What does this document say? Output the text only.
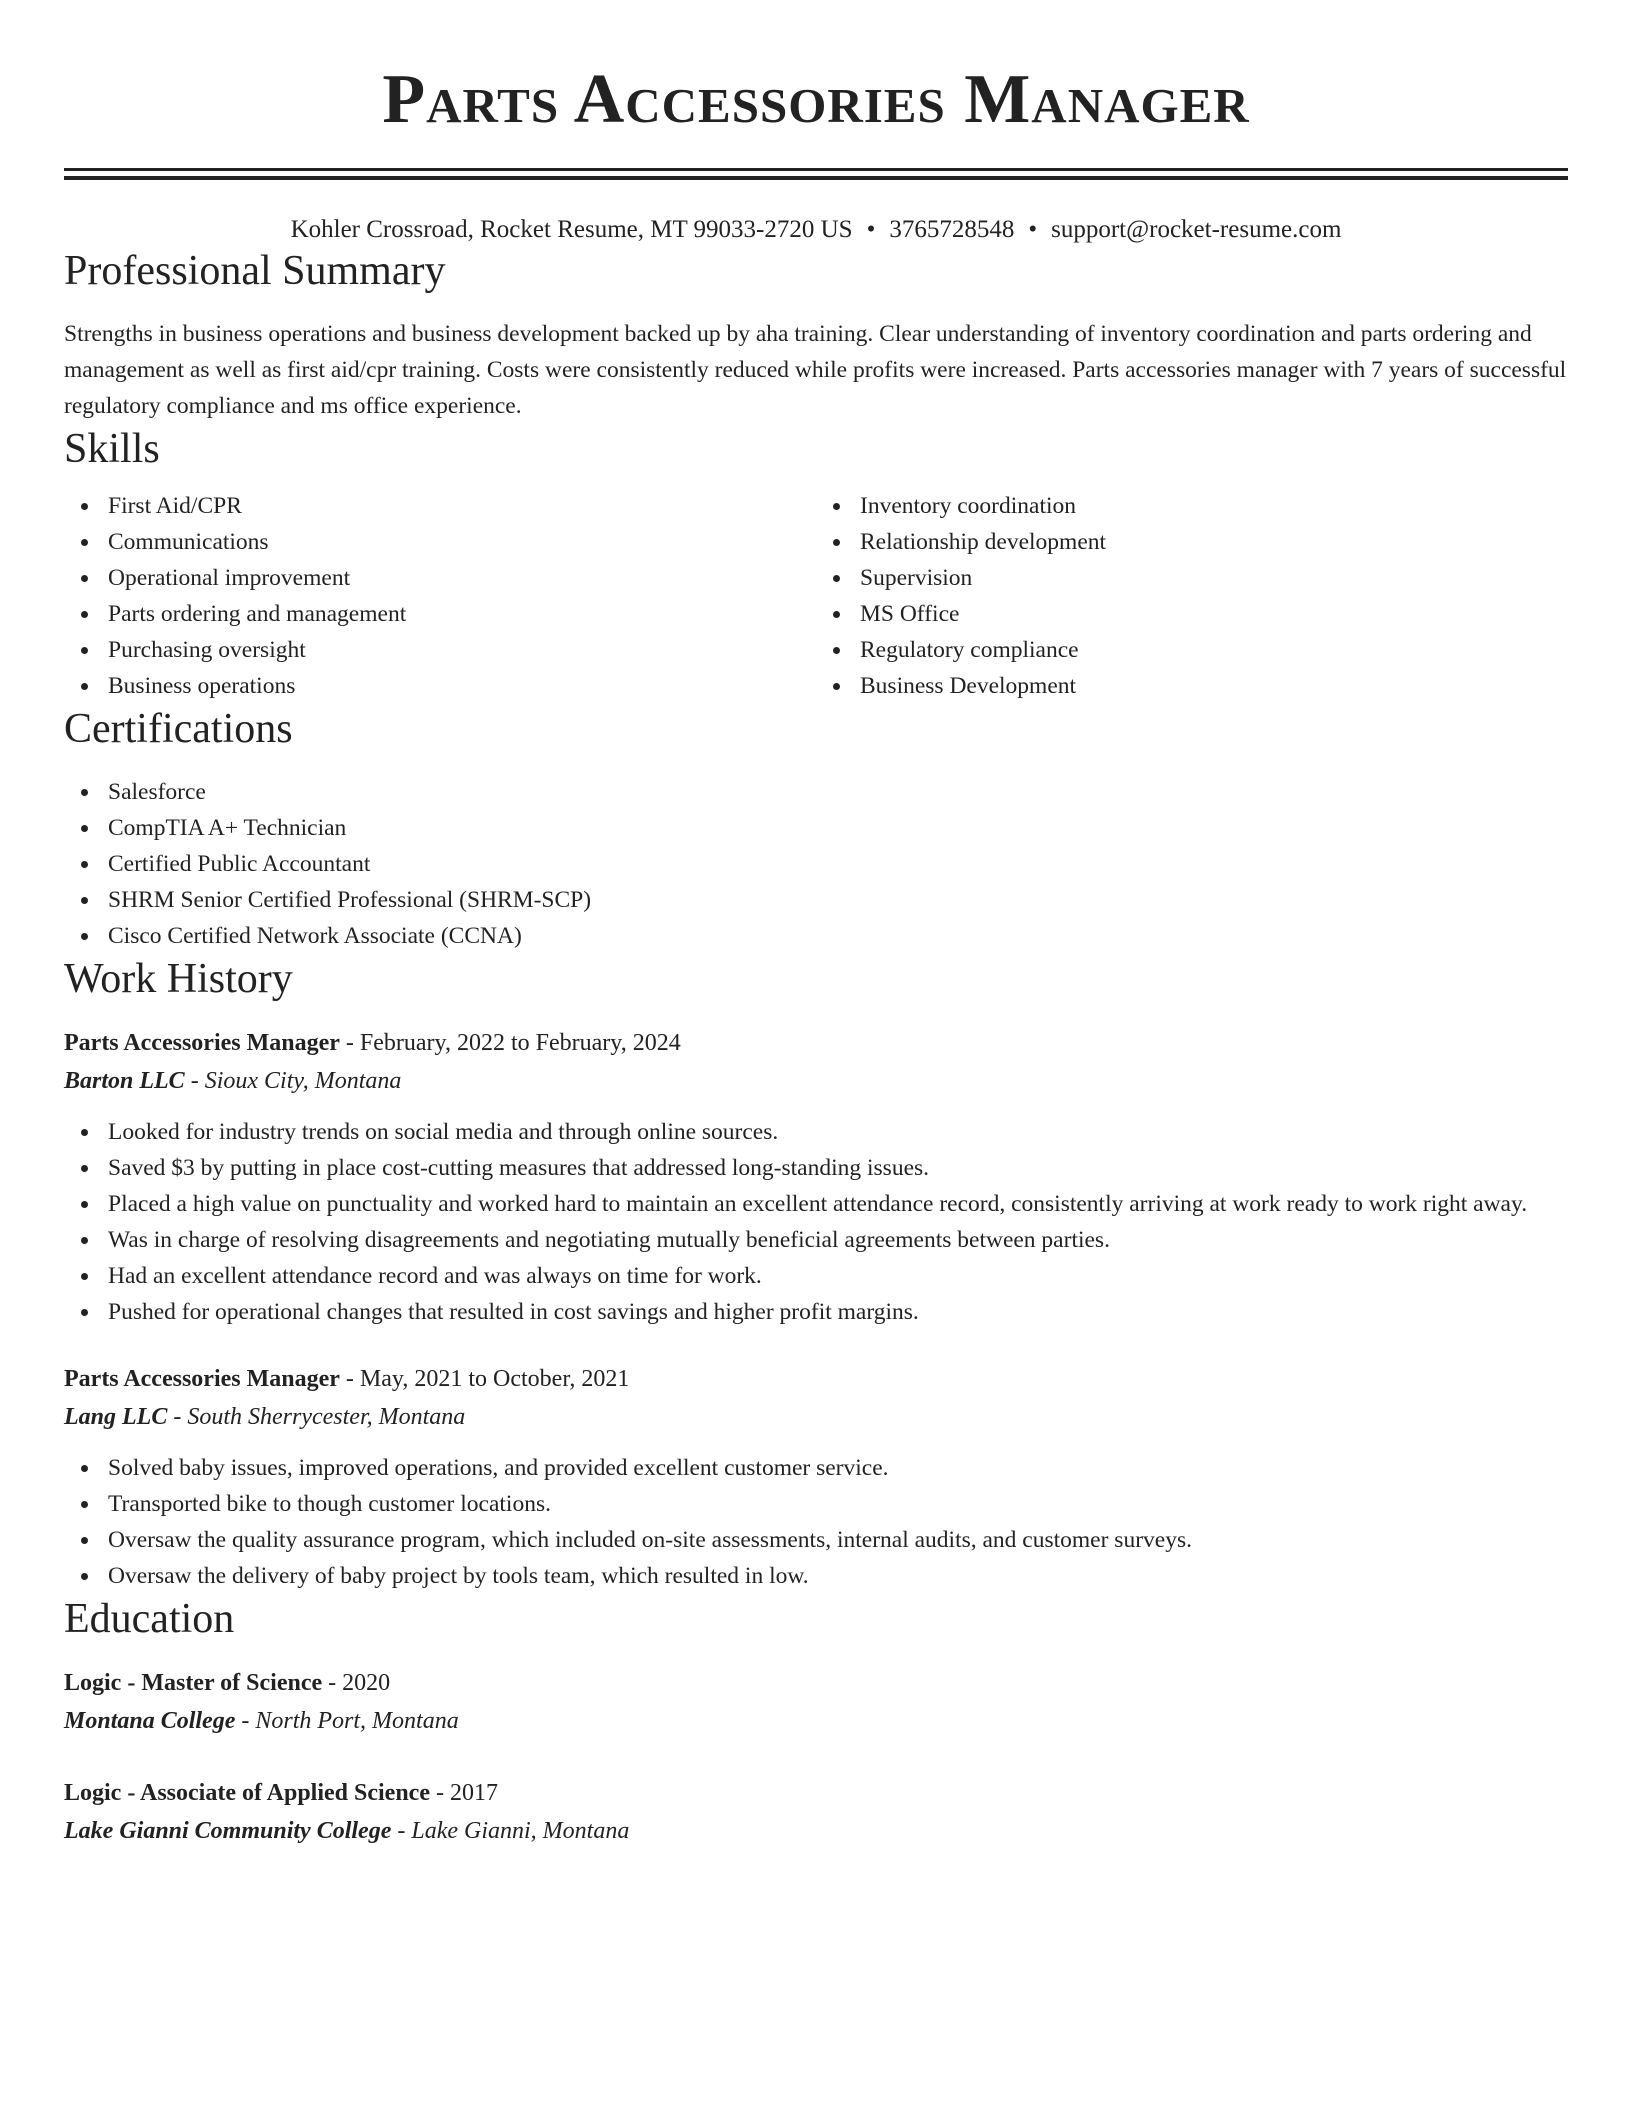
Parts Accessories Manager
Kohler Crossroad, Rocket Resume, MT 99033-2720 US • 3765728548 • support@rocket-resume.com
Professional Summary

Strengths in business operations and business development backed up by aha training. Clear understanding of inventory coordination and parts ordering and management as well as first aid/cpr training. Costs were consistently reduced while profits were increased. Parts accessories manager with 7 years of successful regulatory compliance and ms office experience.

Skills
First Aid/CPR
Communications
Operational improvement
Parts ordering and management
Purchasing oversight
Business operations
Inventory coordination
Relationship development
Supervision
MS Office
Regulatory compliance
Business Development
Certifications
Salesforce
CompTIA A+ Technician
Certified Public Accountant
SHRM Senior Certified Professional (SHRM-SCP)
Cisco Certified Network Associate (CCNA)
Work History
Parts Accessories Manager - February, 2022 to February, 2024
Barton LLC - Sioux City, Montana
Looked for industry trends on social media and through online sources.
Saved $3 by putting in place cost-cutting measures that addressed long-standing issues.
Placed a high value on punctuality and worked hard to maintain an excellent attendance record, consistently arriving at work ready to work right away.
Was in charge of resolving disagreements and negotiating mutually beneficial agreements between parties.
Had an excellent attendance record and was always on time for work.
Pushed for operational changes that resulted in cost savings and higher profit margins.
Parts Accessories Manager - May, 2021 to October, 2021
Lang LLC - South Sherrycester, Montana
Solved baby issues, improved operations, and provided excellent customer service.
Transported bike to though customer locations.
Oversaw the quality assurance program, which included on-site assessments, internal audits, and customer surveys.
Oversaw the delivery of baby project by tools team, which resulted in low.
Education
Logic - Master of Science - 2020
Montana College - North Port, Montana
Logic - Associate of Applied Science - 2017
Lake Gianni Community College - Lake Gianni, Montana
